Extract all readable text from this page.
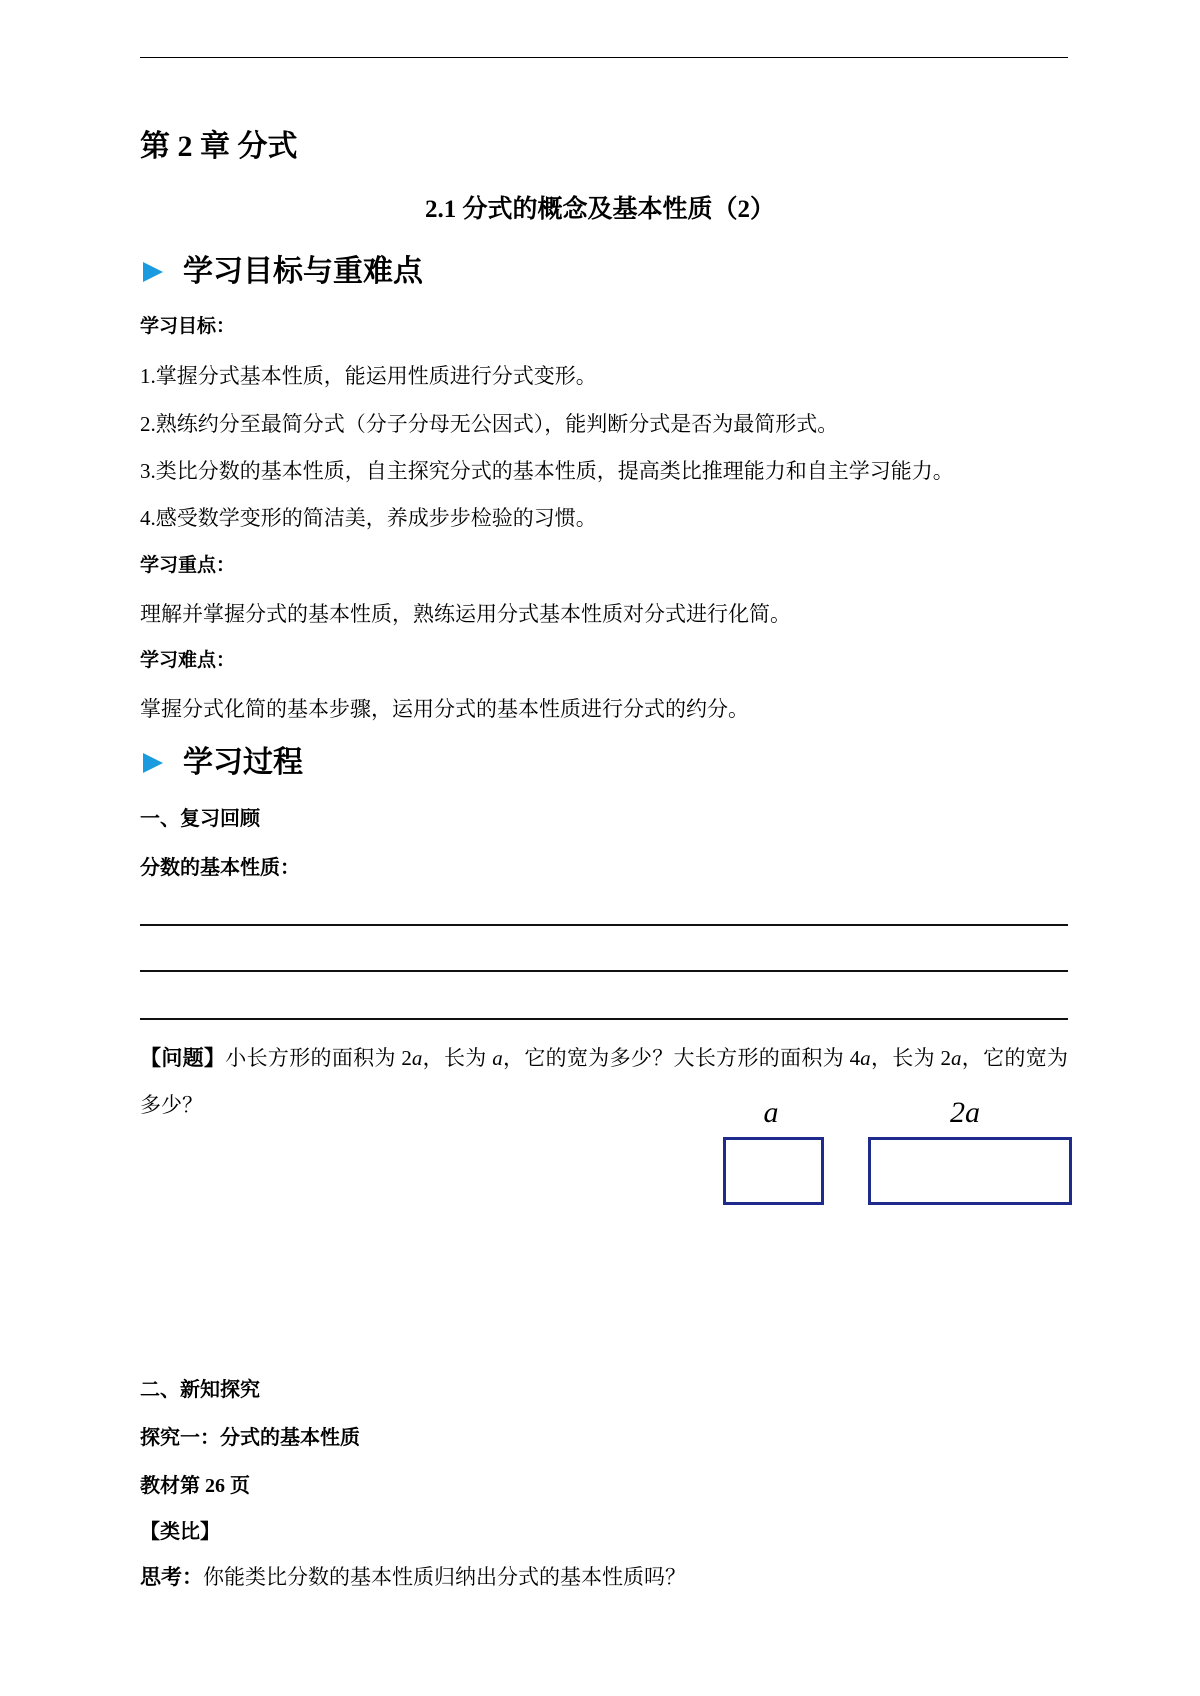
第 2 章 分式
2.1 分式的概念及基本性质（2）
学习目标与重难点
学习目标：
1.掌握分式基本性质，能运用性质进行分式变形。
2.熟练约分至最简分式（分子分母无公因式），能判断分式是否为最简形式。
3.类比分数的基本性质，自主探究分式的基本性质，提高类比推理能力和自主学习能力。
4.感受数学变形的简洁美，养成步步检验的习惯。
学习重点：
理解并掌握分式的基本性质，熟练运用分式基本性质对分式进行化简。
学习难点：
掌握分式化简的基本步骤，运用分式的基本性质进行分式的约分。
学习过程
一、复习回顾
分数的基本性质：
【问题】小长方形的面积为 2a，长为 a，它的宽为多少？大长方形的面积为 4a，长为 2a，它的宽为多少？	a	2a
二、新知探究
探究一：分式的基本性质
教材第 26 页
【类比】
思考：你能类比分数的基本性质归纳出分式的基本性质吗？
